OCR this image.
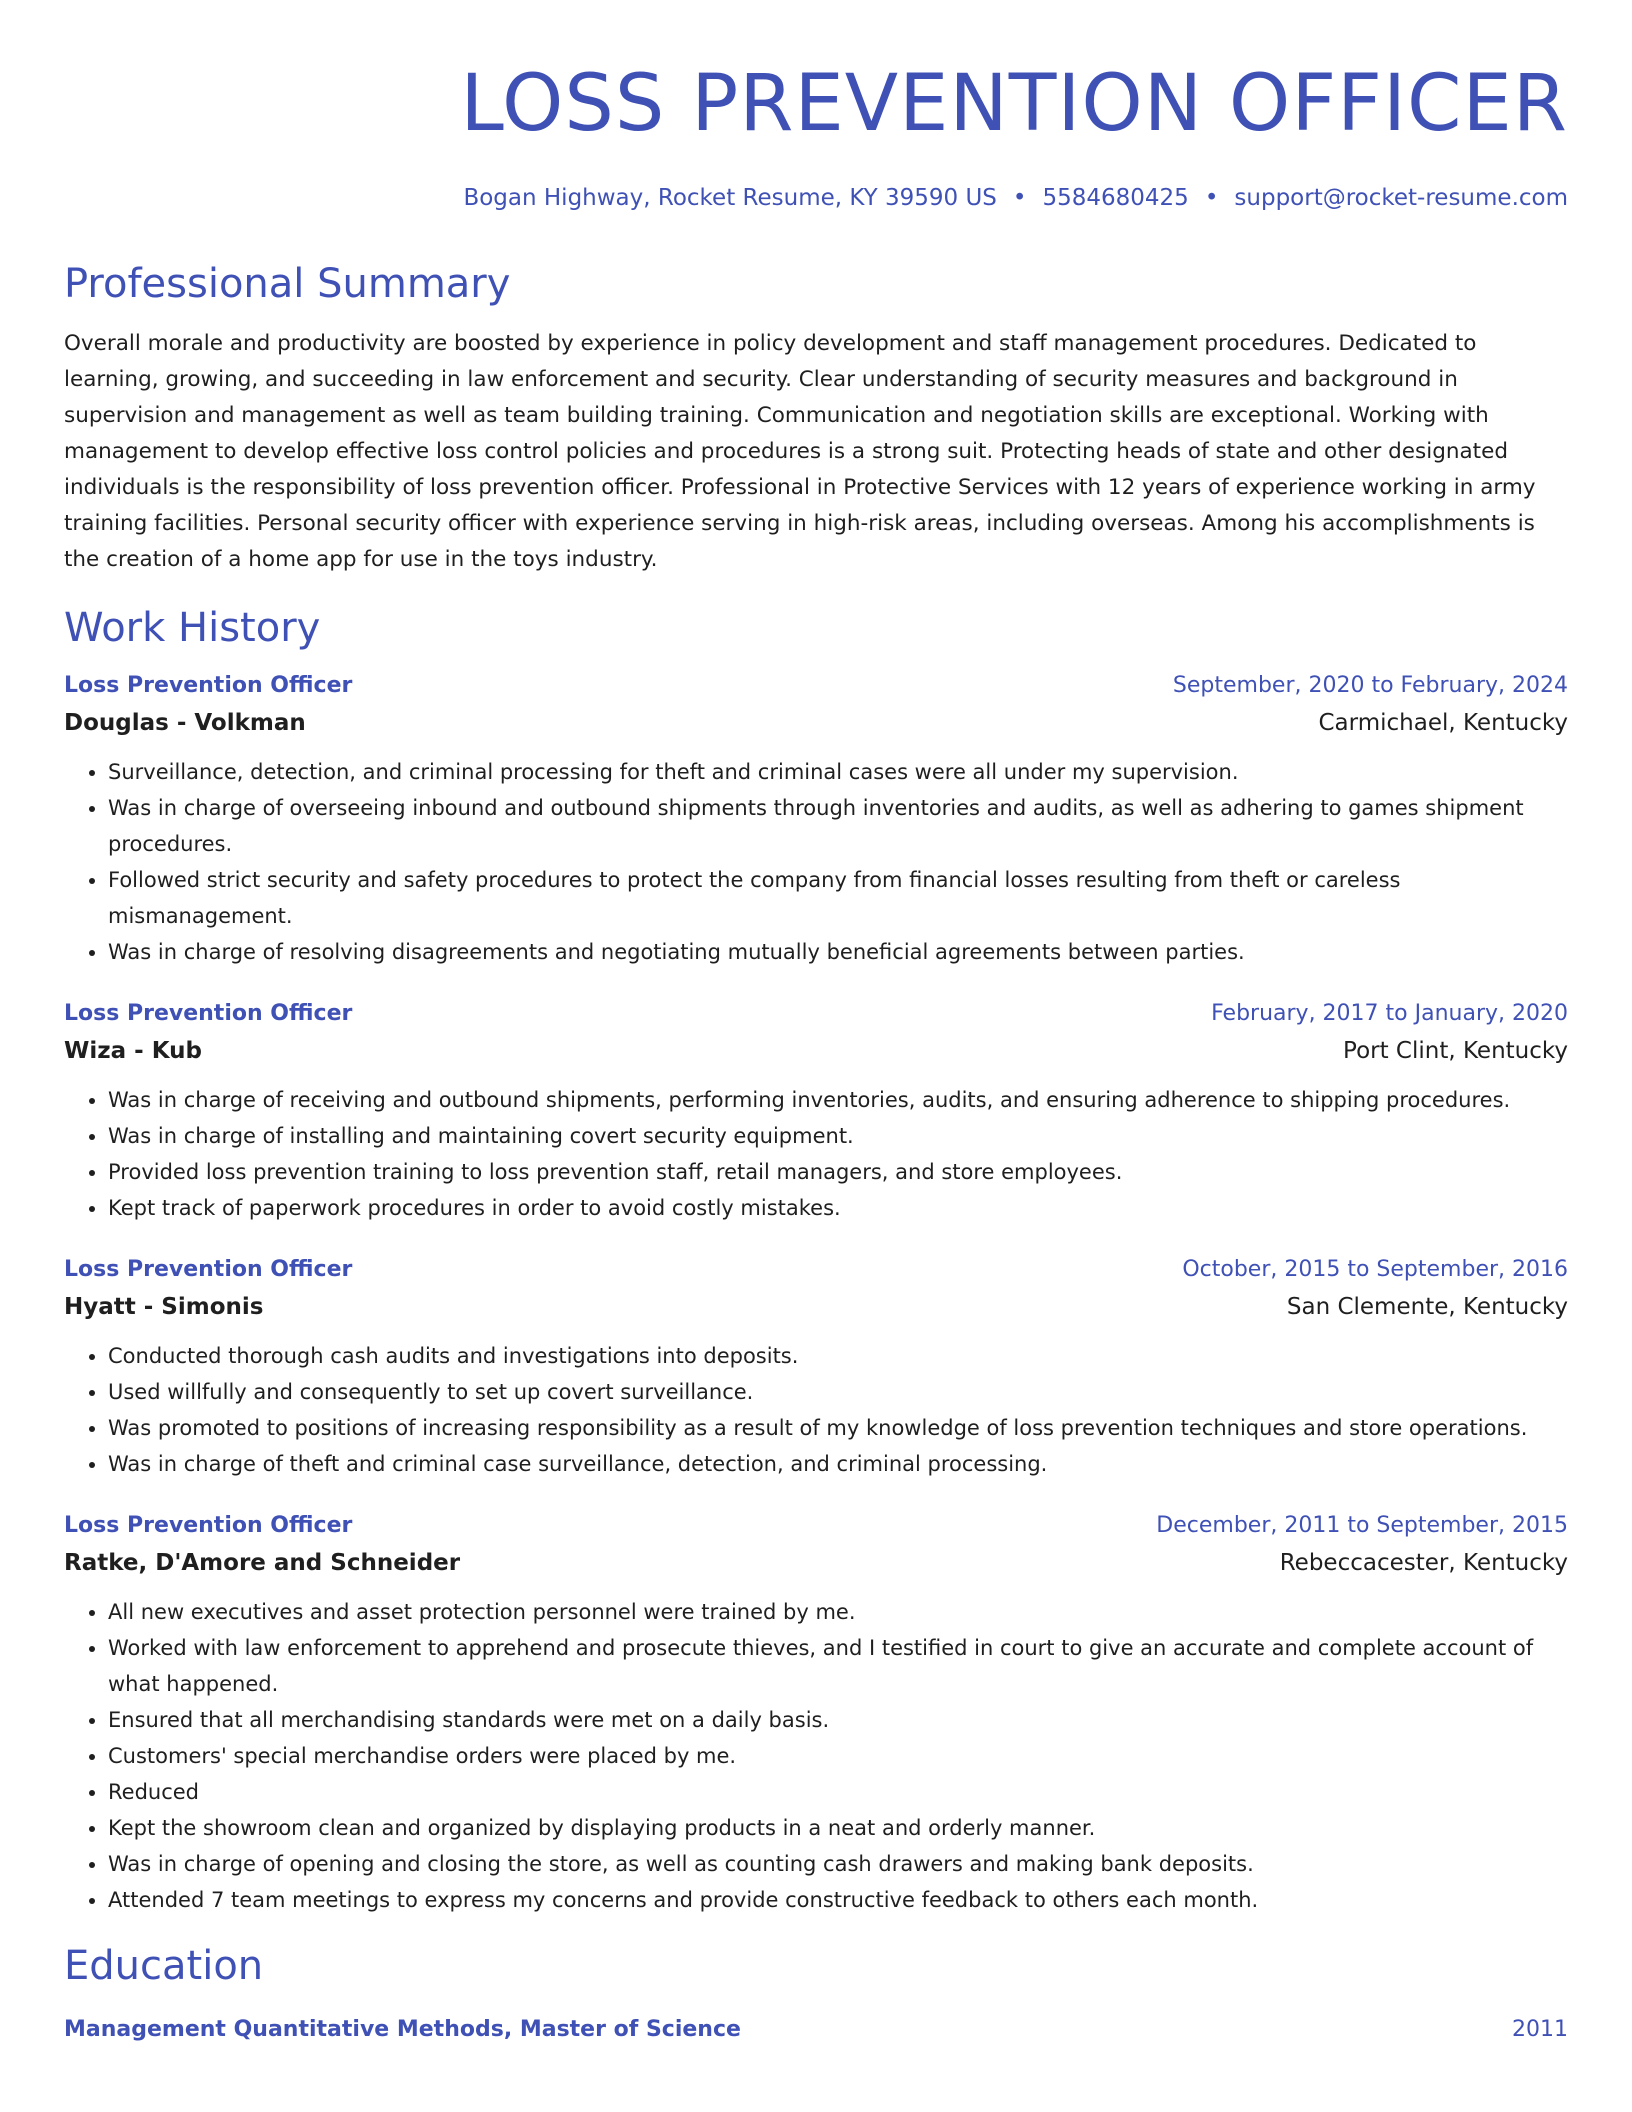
LOSS PREVENTION OFFICER
Bogan Highway, Rocket Resume, KY 39590 US • 5584680425 • support@rocket-resume.com
Professional Summary
Overall morale and productivity are boosted by experience in policy development and staff management procedures. Dedicated to learning, growing, and succeeding in law enforcement and security. Clear understanding of security measures and background in supervision and management as well as team building training. Communication and negotiation skills are exceptional. Working with management to develop effective loss control policies and procedures is a strong suit. Protecting heads of state and other designated individuals is the responsibility of loss prevention officer. Professional in Protective Services with 12 years of experience working in army training facilities. Personal security officer with experience serving in high-risk areas, including overseas. Among his accomplishments is the creation of a home app for use in the toys industry.
Work History
Loss Prevention Officer	September, 2020 to February, 2024
Douglas - Volkman	Carmichael, Kentucky
• Surveillance, detection, and criminal processing for theft and criminal cases were all under my supervision.
• Was in charge of overseeing inbound and outbound shipments through inventories and audits, as well as adhering to games shipment procedures.
• Followed strict security and safety procedures to protect the company from financial losses resulting from theft or careless mismanagement.
• Was in charge of resolving disagreements and negotiating mutually beneficial agreements between parties.
Loss Prevention Officer	February, 2017 to January, 2020
Wiza - Kub	Port Clint, Kentucky
• Was in charge of receiving and outbound shipments, performing inventories, audits, and ensuring adherence to shipping procedures.
• Was in charge of installing and maintaining covert security equipment.
• Provided loss prevention training to loss prevention staff, retail managers, and store employees.
• Kept track of paperwork procedures in order to avoid costly mistakes.
Loss Prevention Officer	October, 2015 to September, 2016
Hyatt - Simonis	San Clemente, Kentucky
• Conducted thorough cash audits and investigations into deposits.
• Used willfully and consequently to set up covert surveillance.
• Was promoted to positions of increasing responsibility as a result of my knowledge of loss prevention techniques and store operations.
• Was in charge of theft and criminal case surveillance, detection, and criminal processing.
Loss Prevention Officer	December, 2011 to September, 2015
Ratke, D'Amore and Schneider	Rebeccacester, Kentucky
• All new executives and asset protection personnel were trained by me.
• Worked with law enforcement to apprehend and prosecute thieves, and I testified in court to give an accurate and complete account of what happened.
• Ensured that all merchandising standards were met on a daily basis.
• Customers' special merchandise orders were placed by me.
• Reduced
• Kept the showroom clean and organized by displaying products in a neat and orderly manner.
• Was in charge of opening and closing the store, as well as counting cash drawers and making bank deposits.
• Attended 7 team meetings to express my concerns and provide constructive feedback to others each month.
Education
Management Quantitative Methods, Master of Science	2011
